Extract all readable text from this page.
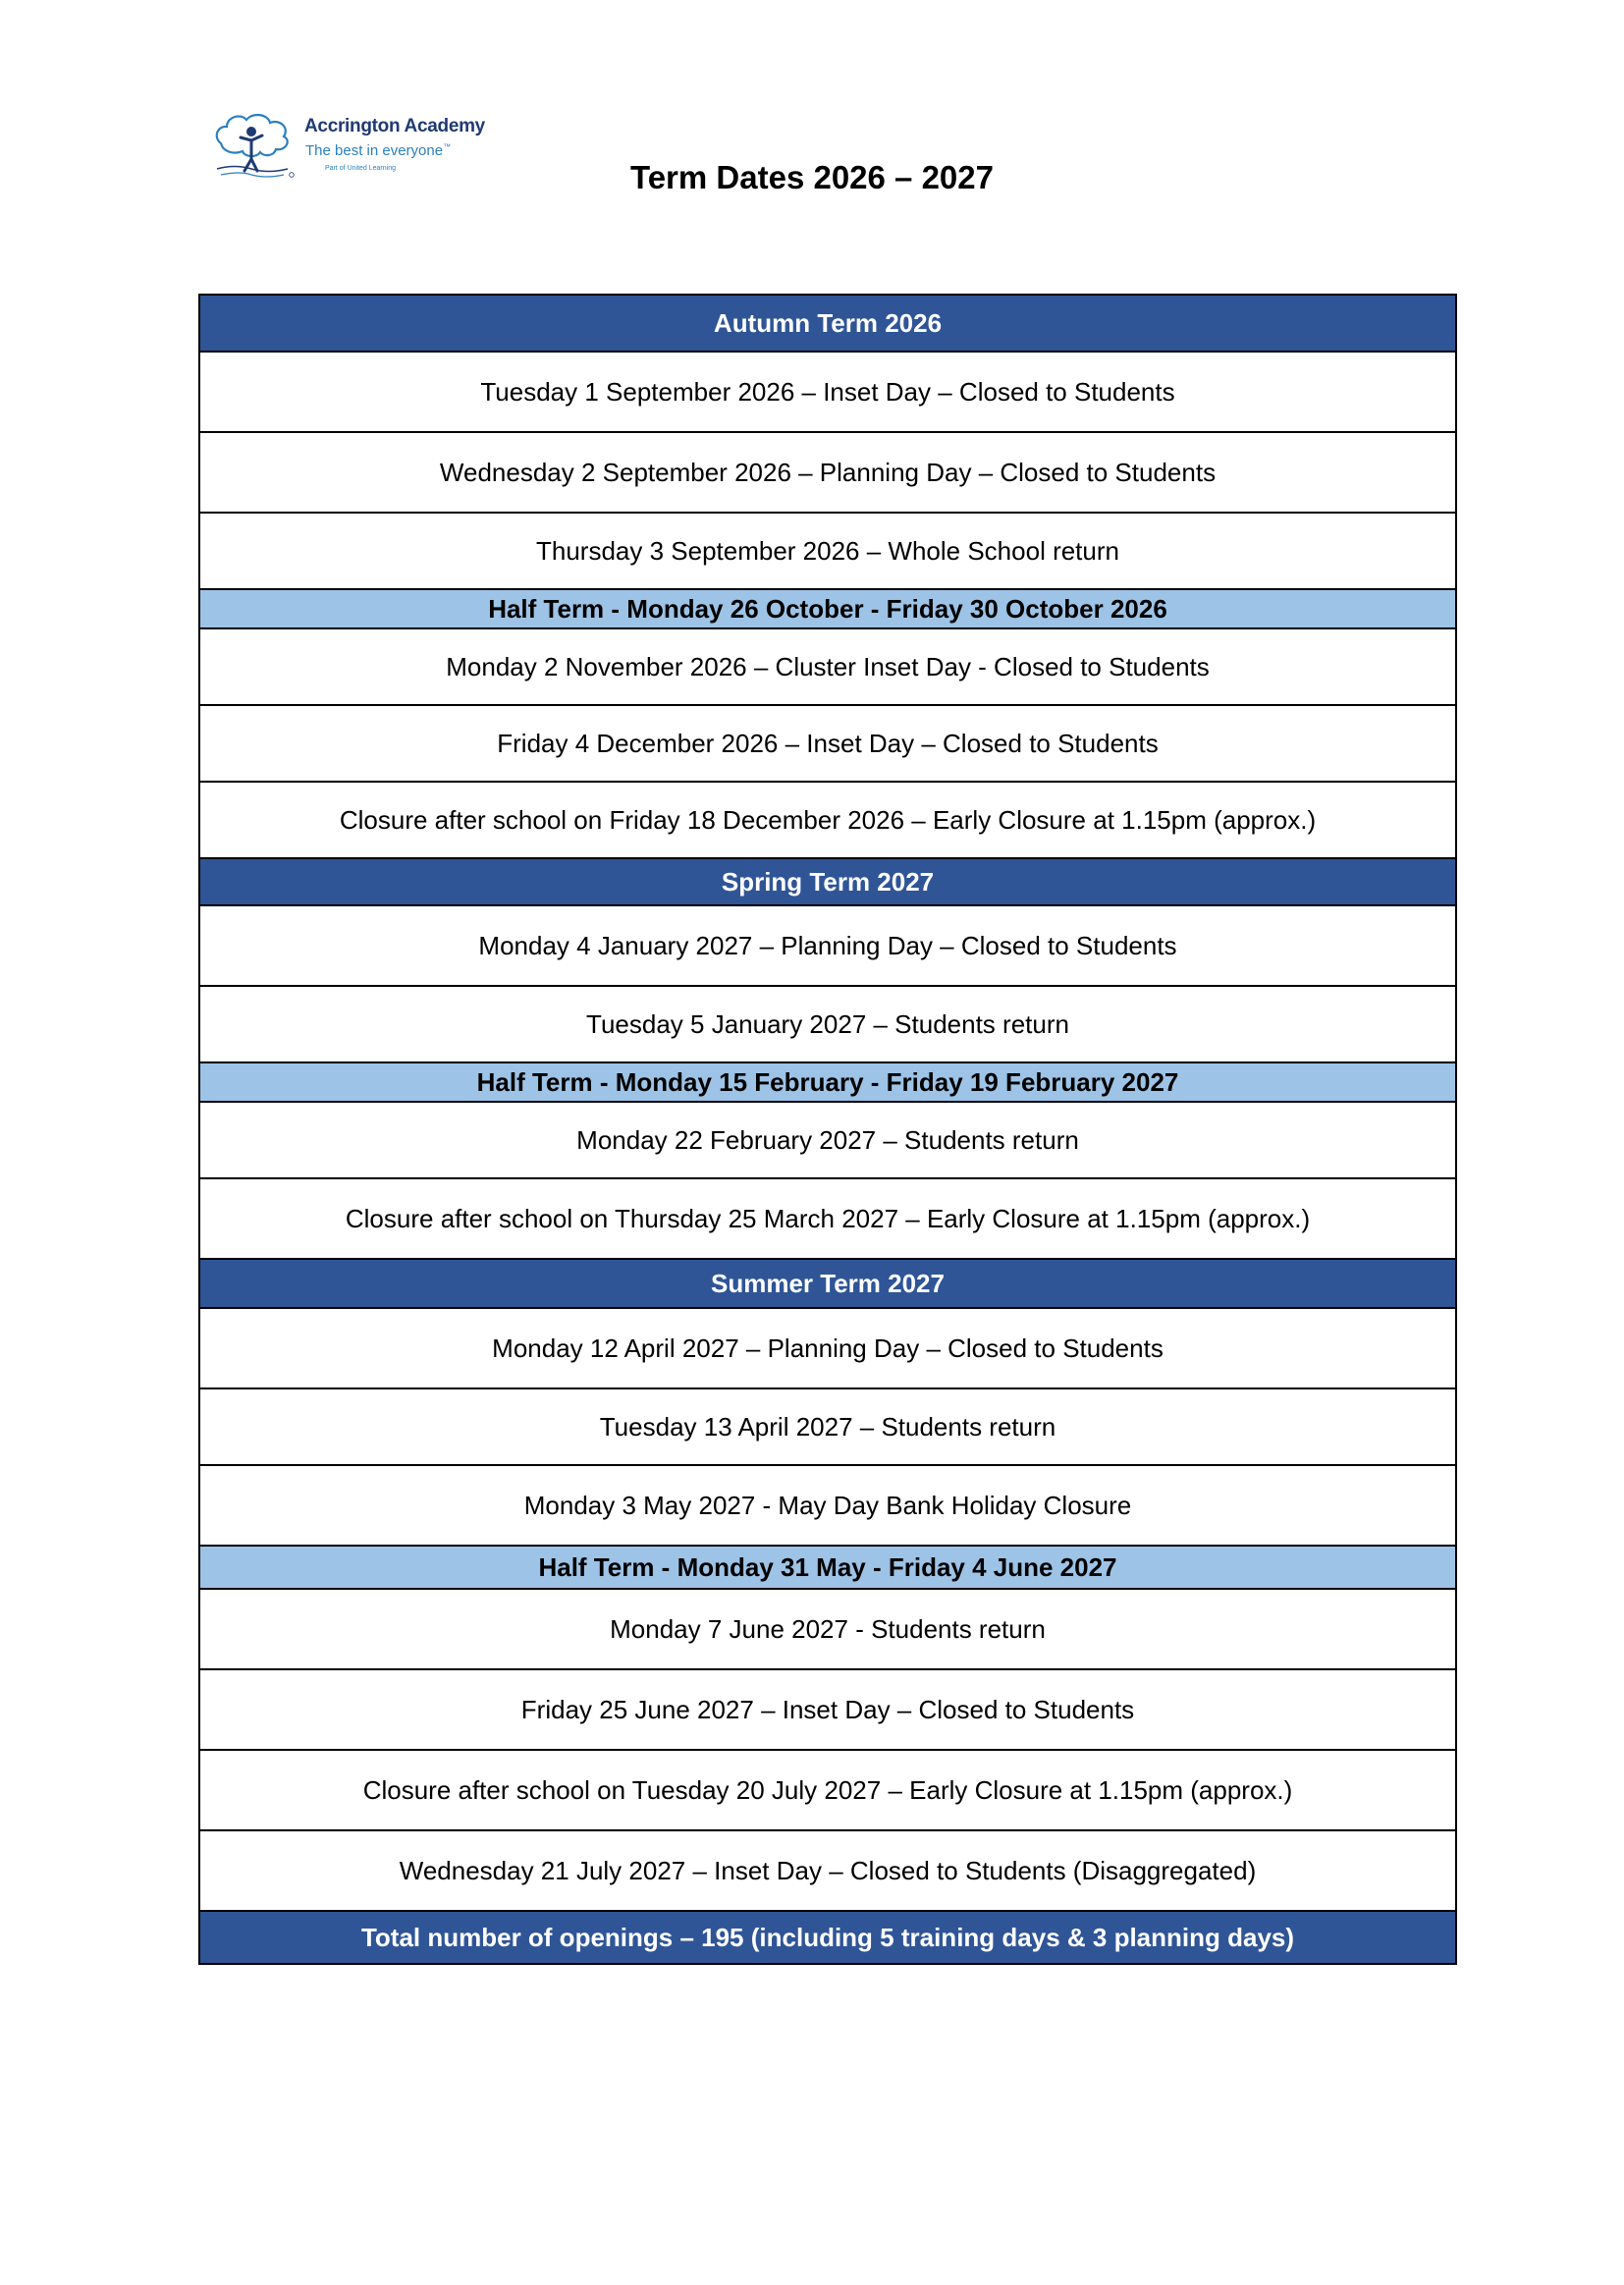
Accrington Academy
The best in everyone™
Part of United Learning	Term Dates 2026 – 2027
Autumn Term 2026
Tuesday 1 September 2026 – Inset Day – Closed to Students
Wednesday 2 September 2026 – Planning Day – Closed to Students
Thursday 3 September 2026 – Whole School return
Half Term - Monday 26 October - Friday 30 October 2026
Monday 2 November 2026 – Cluster Inset Day - Closed to Students
Friday 4 December 2026 – Inset Day – Closed to Students
Closure after school on Friday 18 December 2026 – Early Closure at 1.15pm (approx.)
Spring Term 2027
Monday 4 January 2027 – Planning Day – Closed to Students
Tuesday 5 January 2027 – Students return
Half Term - Monday 15 February - Friday 19 February 2027
Monday 22 February 2027 – Students return
Closure after school on Thursday 25 March 2027 – Early Closure at 1.15pm (approx.)
Summer Term 2027
Monday 12 April 2027 – Planning Day – Closed to Students
Tuesday 13 April 2027 – Students return
Monday 3 May 2027 - May Day Bank Holiday Closure
Half Term - Monday 31 May - Friday 4 June 2027
Monday 7 June 2027 - Students return
Friday 25 June 2027 – Inset Day – Closed to Students
Closure after school on Tuesday 20 July 2027 – Early Closure at 1.15pm (approx.)
Wednesday 21 July 2027 – Inset Day – Closed to Students (Disaggregated)
Total number of openings – 195 (including 5 training days & 3 planning days)
